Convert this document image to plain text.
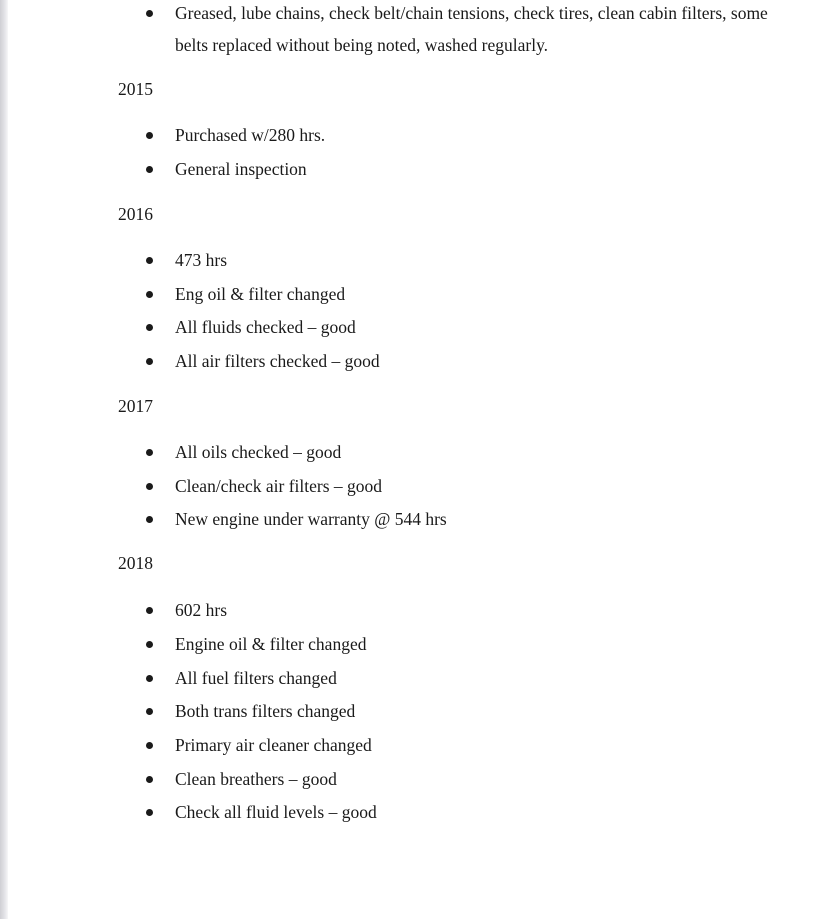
Greased, lube chains, check belt/chain tensions, check tires, clean cabin filters, some
belts replaced without being noted, washed regularly.
2015
Purchased w/280 hrs.
General inspection
2016
473 hrs
Eng oil & filter changed
All fluids checked – good
All air filters checked – good
2017
All oils checked – good
Clean/check air filters – good
New engine under warranty @ 544 hrs
2018
602 hrs
Engine oil & filter changed
All fuel filters changed
Both trans filters changed
Primary air cleaner changed
Clean breathers – good
Check all fluid levels – good
